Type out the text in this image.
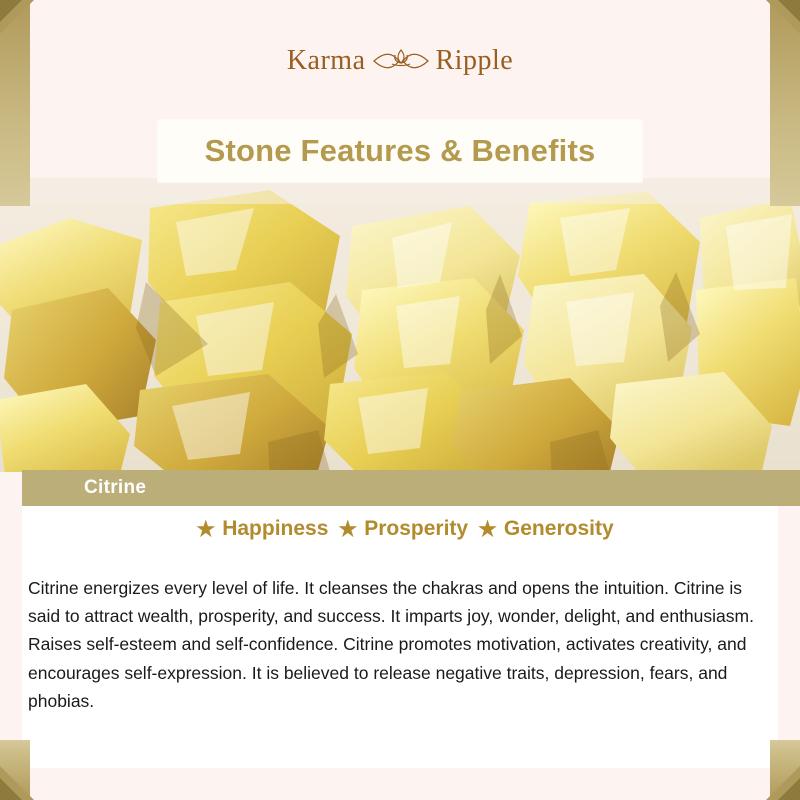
Karma	Ripple
Stone Features & Benefits
Citrine
★ Happiness ★ Prosperity ★ Generosity

Citrine energizes every level of life. It cleanses the chakras and opens the intuition. Citrine is said to attract wealth, prosperity, and success. It imparts joy, wonder, delight, and enthusiasm. Raises self-esteem and self-confidence. Citrine promotes motivation, activates creativity, and encourages self-expression. It is believed to release negative traits, depression, fears, and phobias.
